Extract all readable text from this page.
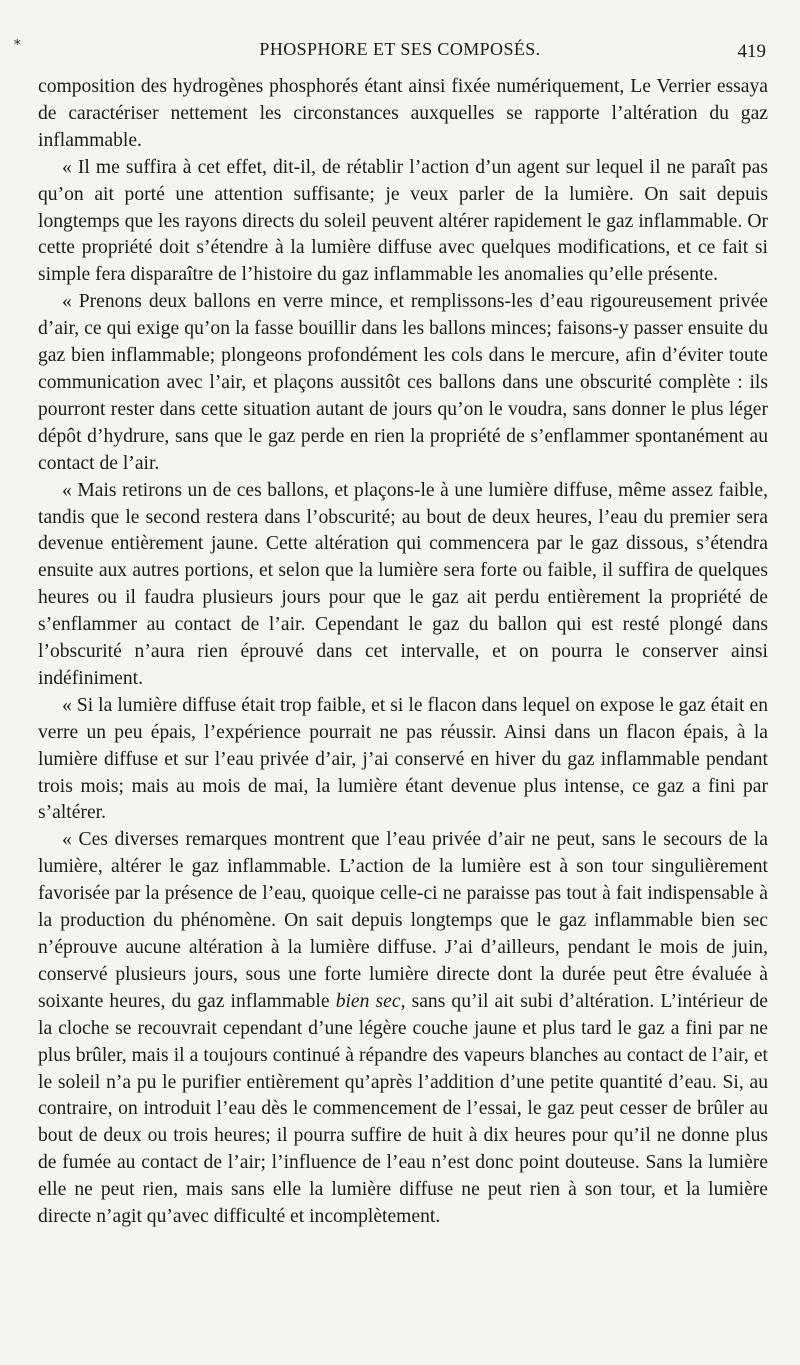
*	PHOSPHORE ET SES COMPOSÉS.	419

composition des hydrogènes phosphorés étant ainsi fixée numériquement, Le Verrier essaya de caractériser nettement les circonstances auxquelles se rapporte l’altération du gaz inflammable.

« Il me suffira à cet effet, dit-il, de rétablir l’action d’un agent sur lequel il ne paraît pas qu’on ait porté une attention suffisante; je veux parler de la lumière. On sait depuis longtemps que les rayons directs du soleil peuvent altérer rapidement le gaz inflammable. Or cette propriété doit s’étendre à la lumière diffuse avec quelques modifications, et ce fait si simple fera disparaître de l’histoire du gaz inflammable les anomalies qu’elle présente.

« Prenons deux ballons en verre mince, et remplissons-les d’eau rigoureusement privée d’air, ce qui exige qu’on la fasse bouillir dans les ballons minces; faisons-y passer ensuite du gaz bien inflammable; plongeons profondément les cols dans le mercure, afin d’éviter toute communication avec l’air, et plaçons aussitôt ces ballons dans une obscurité complète : ils pourront rester dans cette situation autant de jours qu’on le voudra, sans donner le plus léger dépôt d’hydrure, sans que le gaz perde en rien la propriété de s’enflammer spontanément au contact de l’air.

« Mais retirons un de ces ballons, et plaçons-le à une lumière diffuse, même assez faible, tandis que le second restera dans l’obscurité; au bout de deux heures, l’eau du premier sera devenue entièrement jaune. Cette altération qui commencera par le gaz dissous, s’étendra ensuite aux autres portions, et selon que la lumière sera forte ou faible, il suffira de quelques heures ou il faudra plusieurs jours pour que le gaz ait perdu entièrement la propriété de s’enflammer au contact de l’air. Cependant le gaz du ballon qui est resté plongé dans l’obscurité n’aura rien éprouvé dans cet intervalle, et on pourra le conserver ainsi indéfiniment.

« Si la lumière diffuse était trop faible, et si le flacon dans lequel on expose le gaz était en verre un peu épais, l’expérience pourrait ne pas réussir. Ainsi dans un flacon épais, à la lumière diffuse et sur l’eau privée d’air, j’ai conservé en hiver du gaz inflammable pendant trois mois; mais au mois de mai, la lumière étant devenue plus intense, ce gaz a fini par s’altérer.

« Ces diverses remarques montrent que l’eau privée d’air ne peut, sans le secours de la lumière, altérer le gaz inflammable. L’action de la lumière est à son tour singulièrement favorisée par la présence de l’eau, quoique celle-ci ne paraisse pas tout à fait indispensable à la production du phénomène. On sait depuis longtemps que le gaz inflammable bien sec n’éprouve aucune altération à la lumière diffuse. J’ai d’ailleurs, pendant le mois de juin, conservé plusieurs jours, sous une forte lumière directe dont la durée peut être évaluée à soixante heures, du gaz inflammable bien sec, sans qu’il ait subi d’altération. L’intérieur de la cloche se recouvrait cependant d’une légère couche jaune et plus tard le gaz a fini par ne plus brûler, mais il a toujours continué à répandre des vapeurs blanches au contact de l’air, et le soleil n’a pu le purifier entièrement qu’après l’addition d’une petite quantité d’eau. Si, au contraire, on introduit l’eau dès le commencement de l’essai, le gaz peut cesser de brûler au bout de deux ou trois heures; il pourra suffire de huit à dix heures pour qu’il ne donne plus de fumée au contact de l’air; l’influence de l’eau n’est donc point douteuse. Sans la lumière elle ne peut rien, mais sans elle la lumière diffuse ne peut rien à son tour, et la lumière directe n’agit qu’avec difficulté et incomplètement.
